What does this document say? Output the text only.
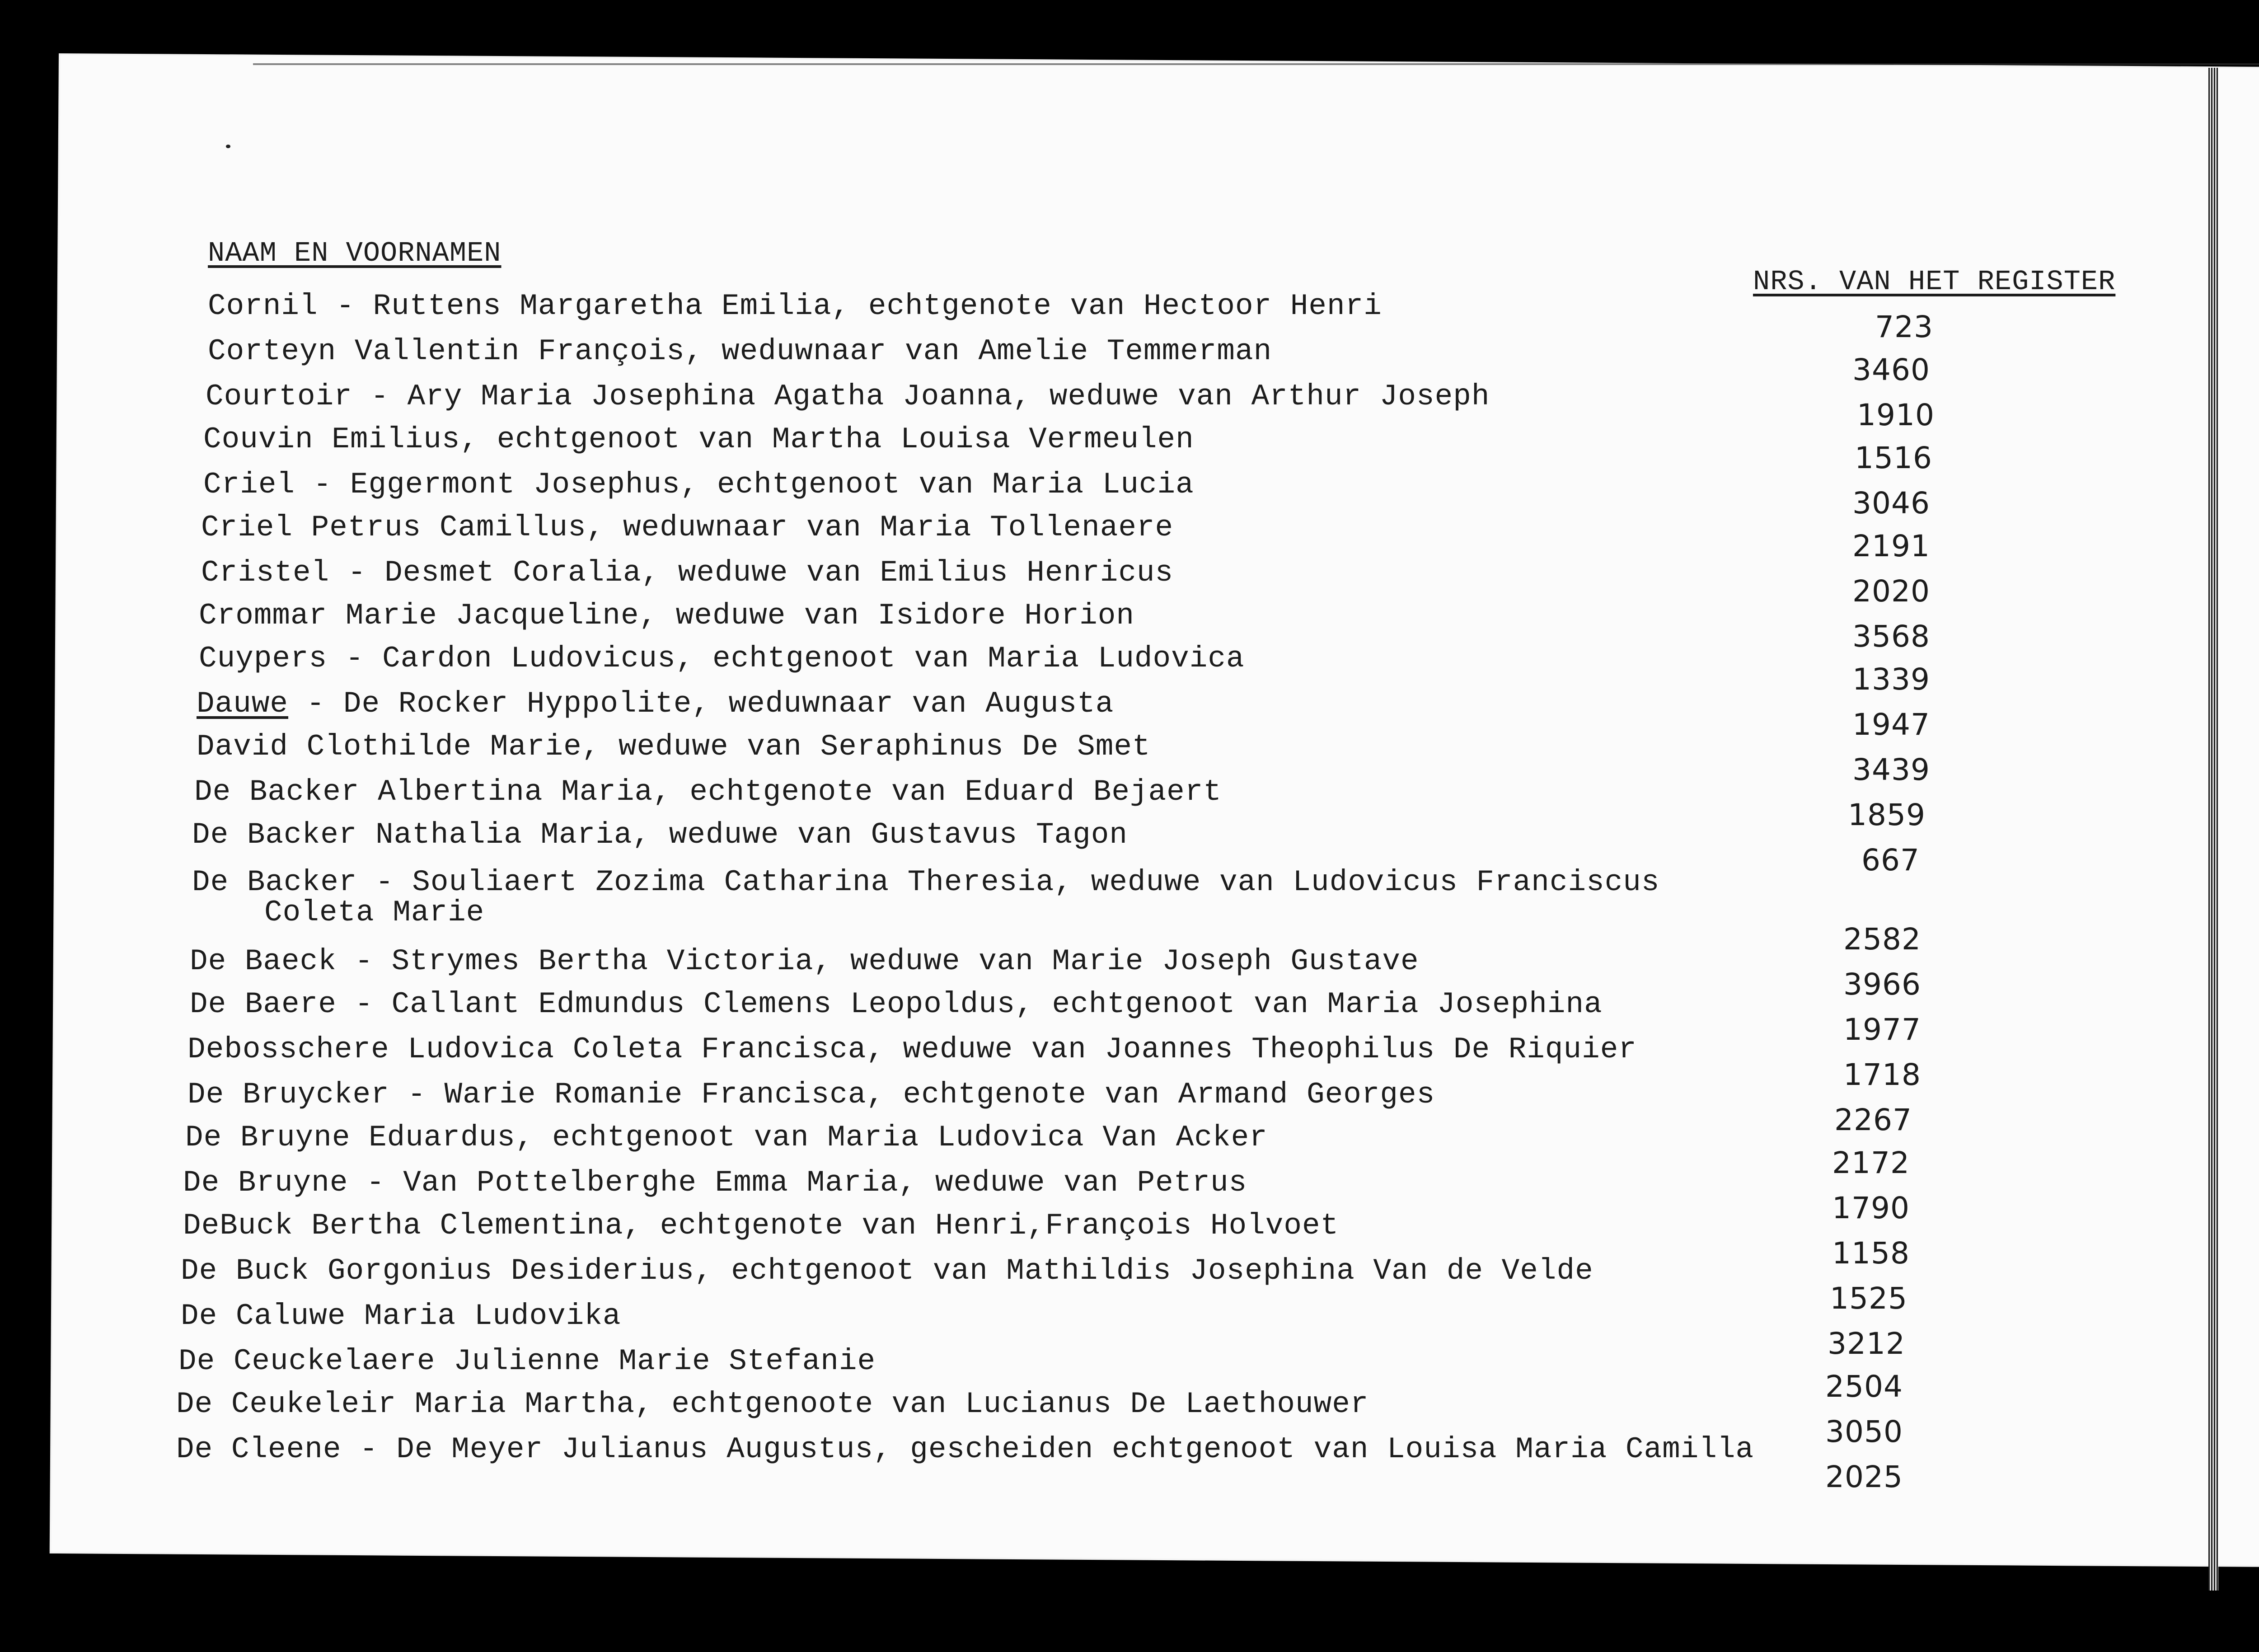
NAAM EN VOORNAMEN
NRS. VAN HET REGISTER
Cornil - Ruttens Margaretha Emilia, echtgenote van Hectoor Henri
723
Corteyn Vallentin François, weduwnaar van Amelie Temmerman
3460
Courtoir - Ary Maria Josephina Agatha Joanna, weduwe van Arthur Joseph
1910
Couvin Emilius, echtgenoot van Martha Louisa Vermeulen
1516
Criel - Eggermont Josephus, echtgenoot van Maria Lucia
3046
Criel Petrus Camillus, weduwnaar van Maria Tollenaere
2191
Cristel - Desmet Coralia, weduwe van Emilius Henricus
2020
Crommar Marie Jacqueline, weduwe van Isidore Horion
3568
Cuypers - Cardon Ludovicus, echtgenoot van Maria Ludovica
1339
Dauwe - De Rocker Hyppolite, weduwnaar van Augusta
1947
David Clothilde Marie, weduwe van Seraphinus De Smet
3439
De Backer Albertina Maria, echtgenote van Eduard Bejaert
1859
De Backer Nathalia Maria, weduwe van Gustavus Tagon
667
De Backer - Souliaert Zozima Catharina Theresia, weduwe van Ludovicus Franciscus
Coleta Marie
2582
De Baeck - Strymes Bertha Victoria, weduwe van Marie Joseph Gustave
3966
De Baere - Callant Edmundus Clemens Leopoldus, echtgenoot van Maria Josephina
1977
Debosschere Ludovica Coleta Francisca, weduwe van Joannes Theophilus De Riquier
1718
De Bruycker - Warie Romanie Francisca, echtgenote van Armand Georges
2267
De Bruyne Eduardus, echtgenoot van Maria Ludovica Van Acker
2172
De Bruyne - Van Pottelberghe Emma Maria, weduwe van Petrus
1790
DeBuck Bertha Clementina, echtgenote van Henri,François Holvoet
1158
De Buck Gorgonius Desiderius, echtgenoot van Mathildis Josephina Van de Velde
1525
De Caluwe Maria Ludovika
3212
De Ceuckelaere Julienne Marie Stefanie
2504
De Ceukeleir Maria Martha, echtgenoote van Lucianus De Laethouwer
3050
De Cleene - De Meyer Julianus Augustus, gescheiden echtgenoot van Louisa Maria Camilla
2025
